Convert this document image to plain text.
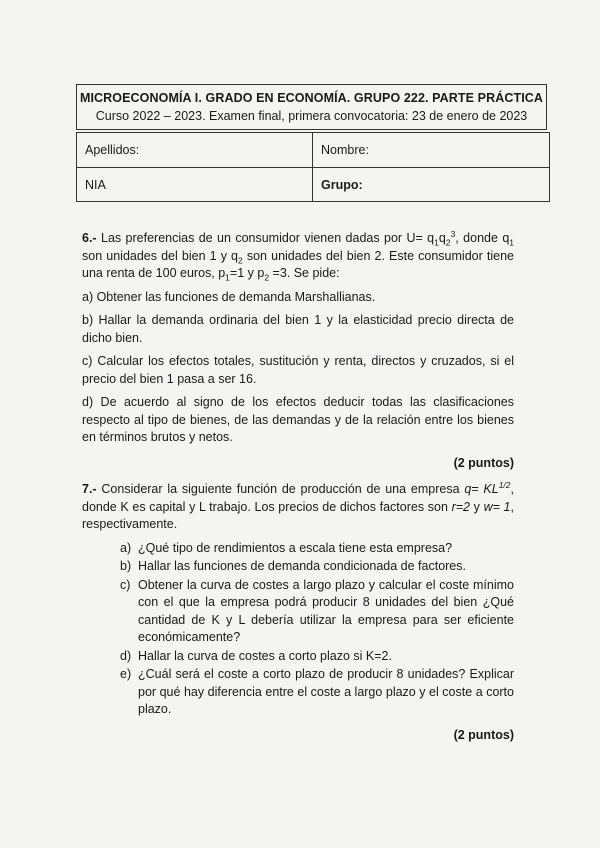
MICROECONOMÍA I. GRADO EN ECONOMÍA. GRUPO 222. PARTE PRÁCTICA
Curso 2022 – 2023. Examen final, primera convocatoria: 23 de enero de 2023
Apellidos:	Nombre:
NIA	Grupo:
6.- Las preferencias de un consumidor vienen dadas por $U= q_1q_2^3$, donde $q_1$ son unidades del bien 1 y $q_2$ son unidades del bien 2. Este consumidor tiene una renta de 100 euros, $p_1=1$ y $p_2 =3$. Se pide:
a) Obtener las funciones de demanda Marshallianas.
b) Hallar la demanda ordinaria del bien 1 y la elasticidad precio directa de dicho bien.
c) Calcular los efectos totales, sustitución y renta, directos y cruzados, si el precio del bien 1 pasa a ser 16.
d) De acuerdo al signo de los efectos deducir todas las clasificaciones respecto al tipo de bienes, de las demandas y de la relación entre los bienes en términos brutos y netos.
(2 puntos)
7.- Considerar la siguiente función de producción de una empresa $q= KL^{1/2}$, donde K es capital y L trabajo. Los precios de dichos factores son r=2 y w= 1, respectivamente.
a) ¿Qué tipo de rendimientos a escala tiene esta empresa?
b) Hallar las funciones de demanda condicionada de factores.
c) Obtener la curva de costes a largo plazo y calcular el coste mínimo con el que la empresa podrá producir 8 unidades del bien ¿Qué cantidad de K y L debería utilizar la empresa para ser eficiente económicamente?
d) Hallar la curva de costes a corto plazo si K=2.
e) ¿Cuál será el coste a corto plazo de producir 8 unidades? Explicar por qué hay diferencia entre el coste a largo plazo y el coste a corto plazo.
(2 puntos)
